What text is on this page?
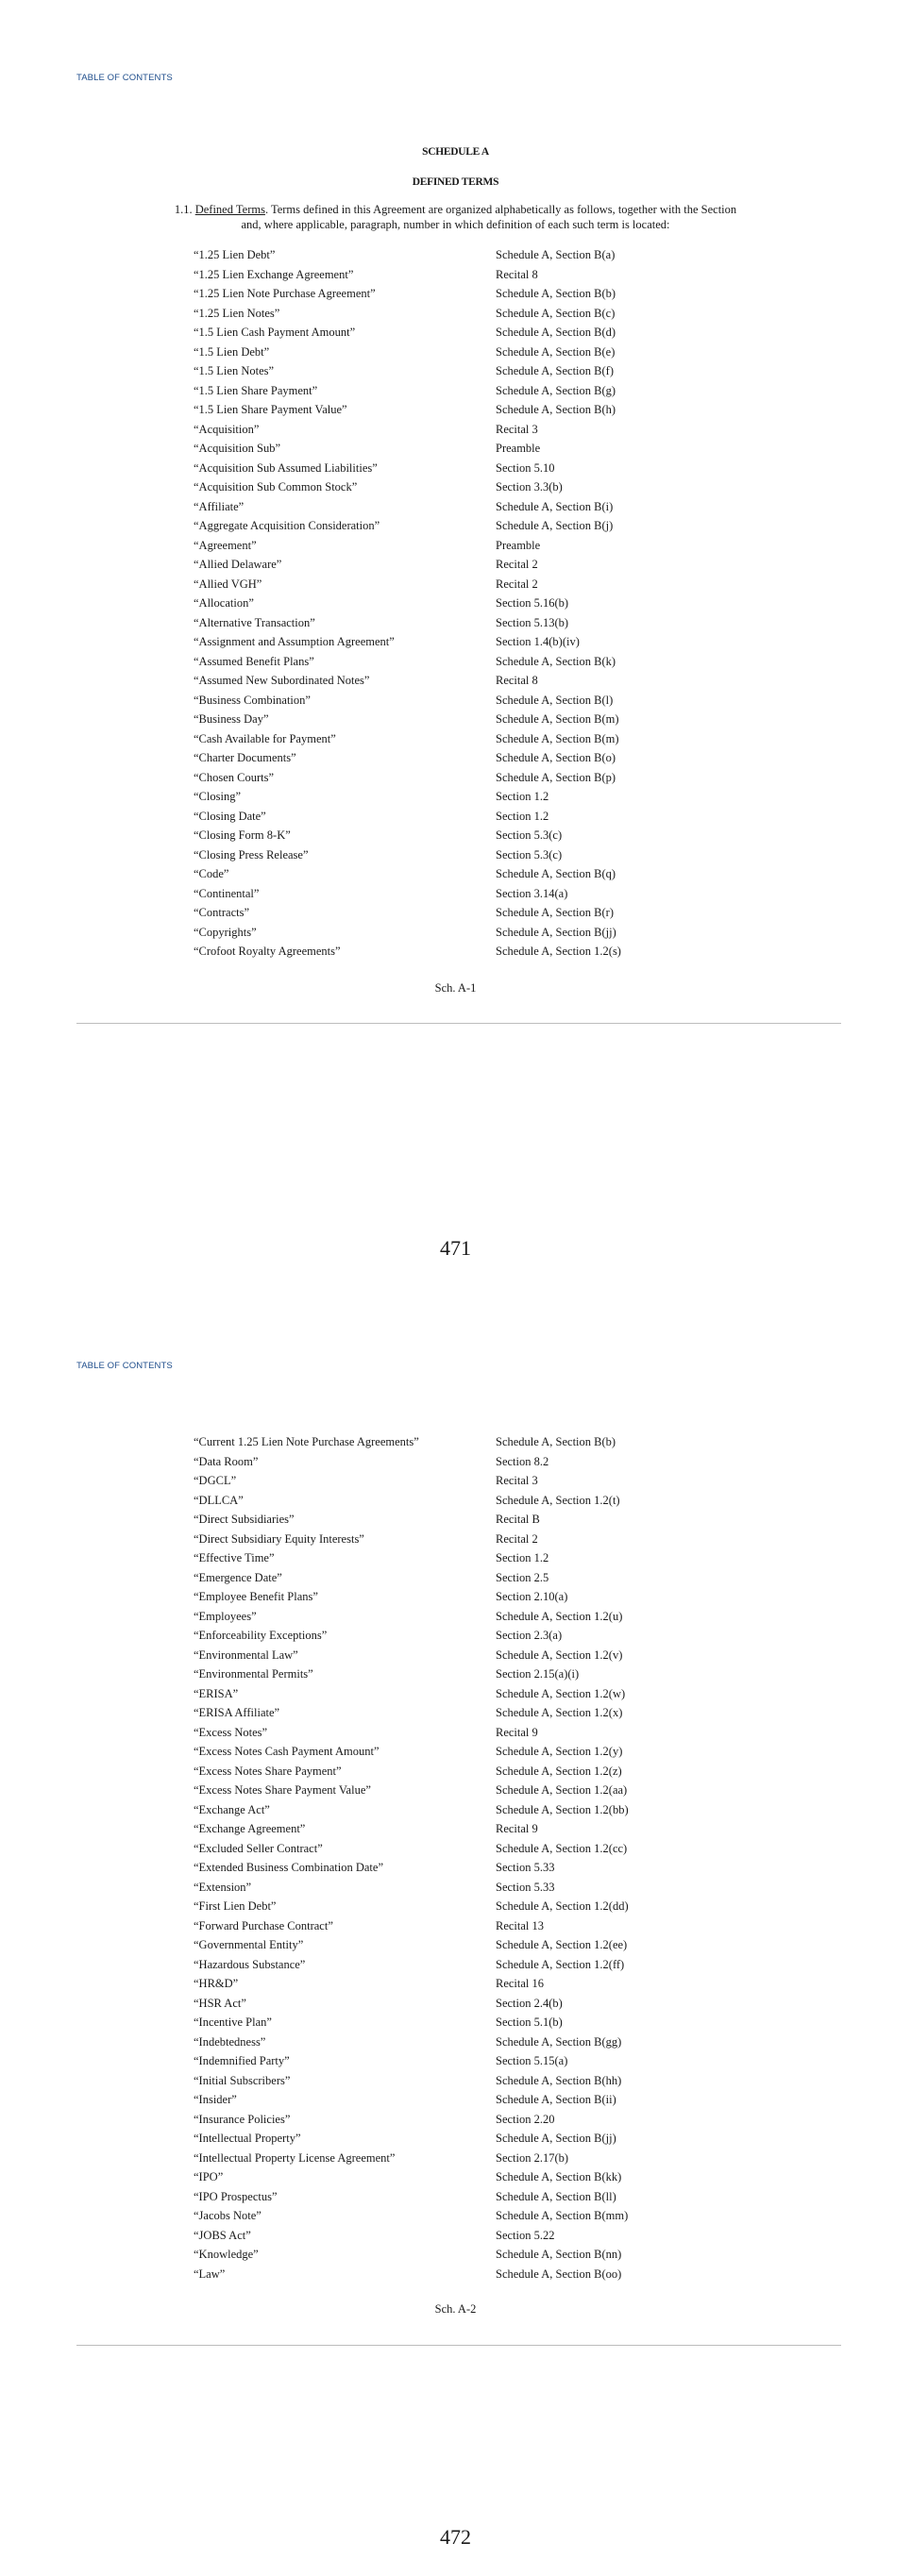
TABLE OF CONTENTS
SCHEDULE A
DEFINED TERMS
1.1. Defined Terms. Terms defined in this Agreement are organized alphabetically as follows, together with the Section and, where applicable, paragraph, number in which definition of each such term is located:
“1.25 Lien Debt”	Schedule A, Section B(a)
“1.25 Lien Exchange Agreement”	Recital 8
“1.25 Lien Note Purchase Agreement”	Schedule A, Section B(b)
“1.25 Lien Notes”	Schedule A, Section B(c)
“1.5 Lien Cash Payment Amount”	Schedule A, Section B(d)
“1.5 Lien Debt”	Schedule A, Section B(e)
“1.5 Lien Notes”	Schedule A, Section B(f)
“1.5 Lien Share Payment”	Schedule A, Section B(g)
“1.5 Lien Share Payment Value”	Schedule A, Section B(h)
“Acquisition”	Recital 3
“Acquisition Sub”	Preamble
“Acquisition Sub Assumed Liabilities”	Section 5.10
“Acquisition Sub Common Stock”	Section 3.3(b)
“Affiliate”	Schedule A, Section B(i)
“Aggregate Acquisition Consideration”	Schedule A, Section B(j)
“Agreement”	Preamble
“Allied Delaware”	Recital 2
“Allied VGH”	Recital 2
“Allocation”	Section 5.16(b)
“Alternative Transaction”	Section 5.13(b)
“Assignment and Assumption Agreement”	Section 1.4(b)(iv)
“Assumed Benefit Plans”	Schedule A, Section B(k)
“Assumed New Subordinated Notes”	Recital 8
“Business Combination”	Schedule A, Section B(l)
“Business Day”	Schedule A, Section B(m)
“Cash Available for Payment”	Schedule A, Section B(m)
“Charter Documents”	Schedule A, Section B(o)
“Chosen Courts”	Schedule A, Section B(p)
“Closing”	Section 1.2
“Closing Date”	Section 1.2
“Closing Form 8-K”	Section 5.3(c)
“Closing Press Release”	Section 5.3(c)
“Code”	Schedule A, Section B(q)
“Continental”	Section 3.14(a)
“Contracts”	Schedule A, Section B(r)
“Copyrights”	Schedule A, Section B(jj)
“Crofoot Royalty Agreements”	Schedule A, Section 1.2(s)
Sch. A-1
471
TABLE OF CONTENTS
“Current 1.25 Lien Note Purchase Agreements”	Schedule A, Section B(b)
“Data Room”	Section 8.2
“DGCL”	Recital 3
“DLLCA”	Schedule A, Section 1.2(t)
“Direct Subsidiaries”	Recital B
“Direct Subsidiary Equity Interests”	Recital 2
“Effective Time”	Section 1.2
“Emergence Date”	Section 2.5
“Employee Benefit Plans”	Section 2.10(a)
“Employees”	Schedule A, Section 1.2(u)
“Enforceability Exceptions”	Section 2.3(a)
“Environmental Law”	Schedule A, Section 1.2(v)
“Environmental Permits”	Section 2.15(a)(i)
“ERISA”	Schedule A, Section 1.2(w)
“ERISA Affiliate”	Schedule A, Section 1.2(x)
“Excess Notes”	Recital 9
“Excess Notes Cash Payment Amount”	Schedule A, Section 1.2(y)
“Excess Notes Share Payment”	Schedule A, Section 1.2(z)
“Excess Notes Share Payment Value”	Schedule A, Section 1.2(aa)
“Exchange Act”	Schedule A, Section 1.2(bb)
“Exchange Agreement”	Recital 9
“Excluded Seller Contract”	Schedule A, Section 1.2(cc)
“Extended Business Combination Date”	Section 5.33
“Extension”	Section 5.33
“First Lien Debt”	Schedule A, Section 1.2(dd)
“Forward Purchase Contract”	Recital 13
“Governmental Entity”	Schedule A, Section 1.2(ee)
“Hazardous Substance”	Schedule A, Section 1.2(ff)
“HR&D”	Recital 16
“HSR Act”	Section 2.4(b)
“Incentive Plan”	Section 5.1(b)
“Indebtedness”	Schedule A, Section B(gg)
“Indemnified Party”	Section 5.15(a)
“Initial Subscribers”	Schedule A, Section B(hh)
“Insider”	Schedule A, Section B(ii)
“Insurance Policies”	Section 2.20
“Intellectual Property”	Schedule A, Section B(jj)
“Intellectual Property License Agreement”	Section 2.17(b)
“IPO”	Schedule A, Section B(kk)
“IPO Prospectus”	Schedule A, Section B(ll)
“Jacobs Note”	Schedule A, Section B(mm)
“JOBS Act”	Section 5.22
“Knowledge”	Schedule A, Section B(nn)
“Law”	Schedule A, Section B(oo)
Sch. A-2
472
